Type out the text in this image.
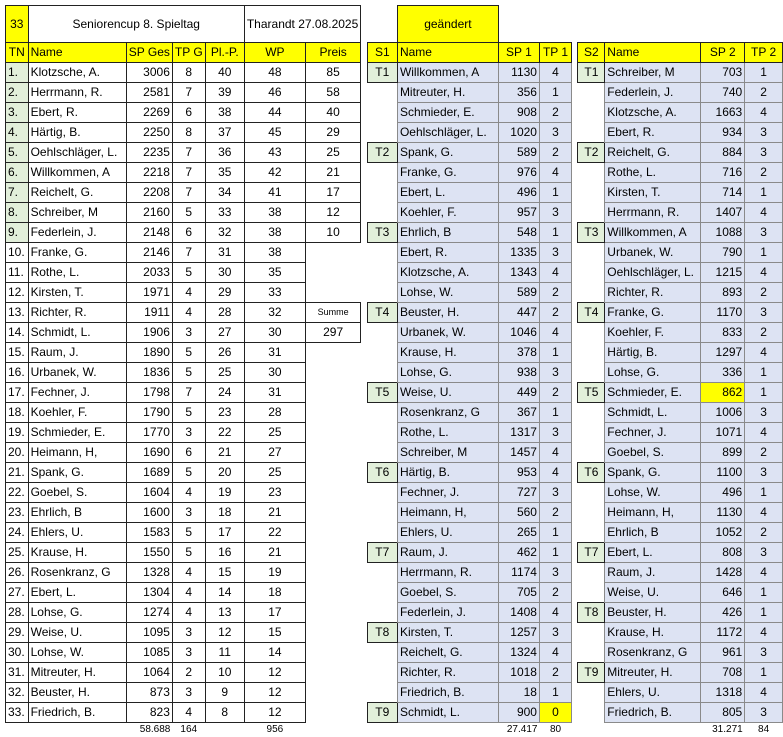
33	Seniorencup 8. Spieltag				Tharandt 27.08.2025				geändert							
TN	Name	SP Ges	TP G	Pl.-P.	WP	Preis		S1	Name	SP 1	TP 1		S2	Name	SP 2	TP 2
1.	Klotzsche, A.	3006	8	40	48	85		T1	Willkommen, A	1130	4		T1	Schreiber, M	703	1
2.	Herrmann, R.	2581	7	39	46	58			Mitreuter, H.	356	1			Federlein, J.	740	2
3.	Ebert, R.	2269	6	38	44	40			Schmieder, E.	908	2			Klotzsche, A.	1663	4
4.	Härtig, B.	2250	8	37	45	29			Oehlschläger, L.	1020	3			Ebert, R.	934	3
5.	Oehlschläger, L.	2235	7	36	43	25		T2	Spank, G.	589	2		T2	Reichelt, G.	884	3
6.	Willkommen, A	2218	7	35	42	21			Franke, G.	976	4			Rothe, L.	716	2
7.	Reichelt, G.	2208	7	34	41	17			Ebert, L.	496	1			Kirsten, T.	714	1
8.	Schreiber, M	2160	5	33	38	12			Koehler, F.	957	3			Herrmann, R.	1407	4
9.	Federlein, J.	2148	6	32	38	10		T3	Ehrlich, B	548	1		T3	Willkommen, A	1088	3
10.	Franke, G.	2146	7	31	38				Ebert, R.	1335	3			Urbanek, W.	790	1
11.	Rothe, L.	2033	5	30	35				Klotzsche, A.	1343	4			Oehlschläger, L.	1215	4
12.	Kirsten, T.	1971	4	29	33				Lohse, W.	589	2			Richter, R.	893	2
13.	Richter, R.	1911	4	28	32	Summe		T4	Beuster, H.	447	2		T4	Franke, G.	1170	3
14.	Schmidt, L.	1906	3	27	30	297			Urbanek, W.	1046	4			Koehler, F.	833	2
15.	Raum, J.	1890	5	26	31				Krause, H.	378	1			Härtig, B.	1297	4
16.	Urbanek, W.	1836	5	25	30				Lohse, G.	938	3			Lohse, G.	336	1
17.	Fechner, J.	1798	7	24	31			T5	Weise, U.	449	2		T5	Schmieder, E.	862	1
18.	Koehler, F.	1790	5	23	28				Rosenkranz, G	367	1			Schmidt, L.	1006	3
19.	Schmieder, E.	1770	3	22	25				Rothe, L.	1317	3			Fechner, J.	1071	4
20.	Heimann, H,	1690	6	21	27				Schreiber, M	1457	4			Goebel, S.	899	2
21.	Spank, G.	1689	5	20	25			T6	Härtig, B.	953	4		T6	Spank, G.	1100	3
22.	Goebel, S.	1604	4	19	23				Fechner, J.	727	3			Lohse, W.	496	1
23.	Ehrlich, B	1600	3	18	21				Heimann, H,	560	2			Heimann, H,	1130	4
24.	Ehlers, U.	1583	5	17	22				Ehlers, U.	265	1			Ehrlich, B	1052	2
25.	Krause, H.	1550	5	16	21			T7	Raum, J.	462	1		T7	Ebert, L.	808	3
26.	Rosenkranz, G	1328	4	15	19				Herrmann, R.	1174	3			Raum, J.	1428	4
27.	Ebert, L.	1304	4	14	18				Goebel, S.	705	2			Weise, U.	646	1
28.	Lohse, G.	1274	4	13	17				Federlein, J.	1408	4		T8	Beuster, H.	426	1
29.	Weise, U.	1095	3	12	15			T8	Kirsten, T.	1257	3			Krause, H.	1172	4
30.	Lohse, W.	1085	3	11	14				Reichelt, G.	1324	4			Rosenkranz, G	961	3
31.	Mitreuter, H.	1064	2	10	12				Richter, R.	1018	2		T9	Mitreuter, H.	708	1
32.	Beuster, H.	873	3	9	12				Friedrich, B.	18	1			Ehlers, U.	1318	4
33.	Friedrich, B.	823	4	8	12			T9	Schmidt, L.	900	0			Friedrich, B.	805	3
		58.688	164		956					27.417	80				31.271	84
